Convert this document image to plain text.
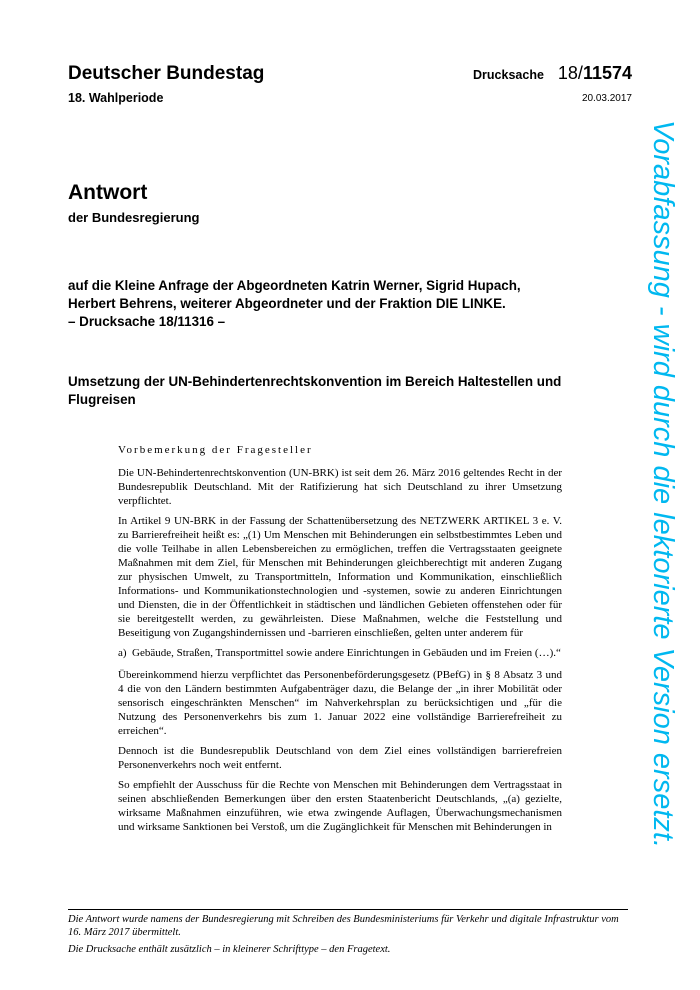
Deutscher Bundestag
18. Wahlperiode
Drucksache 18/11574
20.03.2017
Antwort
der Bundesregierung
auf die Kleine Anfrage der Abgeordneten Katrin Werner, Sigrid Hupach,
Herbert Behrens, weiterer Abgeordneter und der Fraktion DIE LINKE.
– Drucksache 18/11316 –
Umsetzung der UN-Behindertenrechtskonvention im Bereich Haltestellen und Flugreisen
Vorbemerkung der Fragesteller

Die UN-Behindertenrechtskonvention (UN-BRK) ist seit dem 26. März 2016 geltendes Recht in der Bundesrepublik Deutschland. Mit der Ratifizierung hat sich Deutschland zu ihrer Umsetzung verpflichtet.

In Artikel 9 UN-BRK in der Fassung der Schattenübersetzung des NETZWERK ARTIKEL 3 e. V. zu Barrierefreiheit heißt es: „(1) Um Menschen mit Behinderungen ein selbstbestimmtes Leben und die volle Teilhabe in allen Lebensbereichen zu ermöglichen, treffen die Vertragsstaaten geeignete Maßnahmen mit dem Ziel, für Menschen mit Behinderungen gleichberechtigt mit anderen Zugang zur physischen Umwelt, zu Transportmitteln, Information und Kommunikation, einschließlich Informations- und Kommunikationstechnologien und -systemen, sowie zu anderen Einrichtungen und Diensten, die in der Öffentlichkeit in städtischen und ländlichen Gebieten offenstehen oder für sie bereitgestellt werden, zu gewährleisten. Diese Maßnahmen, welche die Feststellung und Beseitigung von Zugangshindernissen und -barrieren einschließen, gelten unter anderem für

a) Gebäude, Straßen, Transportmittel sowie andere Einrichtungen in Gebäuden und im Freien (…).“

Übereinkommend hierzu verpflichtet das Personenbeförderungsgesetz (PBefG) in § 8 Absatz 3 und 4 die von den Ländern bestimmten Aufgabenträger dazu, die Belange der „in ihrer Mobilität oder sensorisch eingeschränkten Menschen“ im Nahverkehrsplan zu berücksichtigen und „für die Nutzung des Personenverkehrs bis zum 1. Januar 2022 eine vollständige Barrierefreiheit zu erreichen“.

Dennoch ist die Bundesrepublik Deutschland von dem Ziel eines vollständigen barrierefreien Personenverkehrs noch weit entfernt.

So empfiehlt der Ausschuss für die Rechte von Menschen mit Behinderungen dem Vertragsstaat in seinen abschließenden Bemerkungen über den ersten Staatenbericht Deutschlands, „(a) gezielte, wirksame Maßnahmen einzuführen, wie etwa zwingende Auflagen, Überwachungsmechanismen und wirksame Sanktionen bei Verstoß, um die Zugänglichkeit für Menschen mit Behinderungen in

Die Antwort wurde namens der Bundesregierung mit Schreiben des Bundesministeriums für Verkehr und digitale Infrastruktur vom 16. März 2017 übermittelt.

Die Drucksache enthält zusätzlich – in kleinerer Schrifttype – den Fragetext.

Vorabfassung - wird durch die lektorierte Version ersetzt.
